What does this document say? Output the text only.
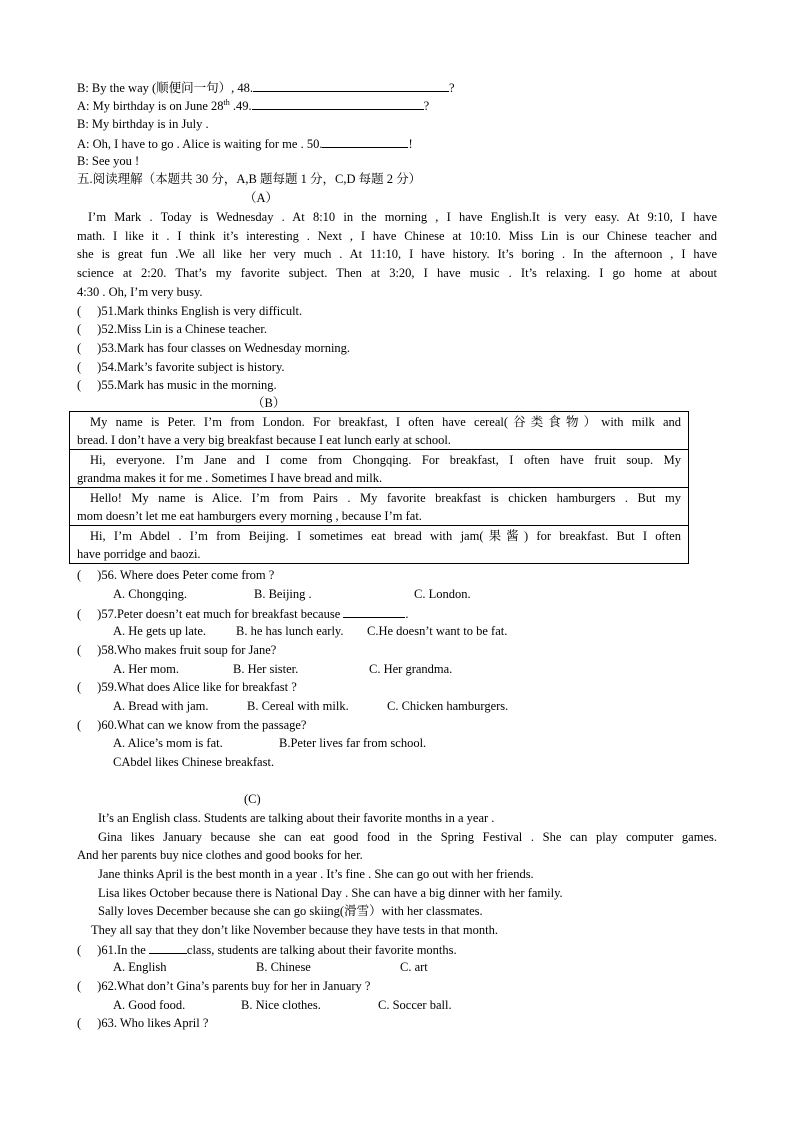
B: By the way (顺便问一句）, 48.	?
A: My birthday is on June 28th .49.	?
B: My birthday is in July .
A: Oh, I have to go . Alice is waiting for me . 50.	!
B: See you !
五.阅读理解（本题共 30 分，A,B 题每题 1 分，C,D 每题 2 分）
（A）
I’m Mark . Today is Wednesday . At 8:10 in the morning , I have English.It is very easy. At 9:10, I have
math. I like it . I think it’s interesting . Next , I have Chinese at 10:10. Miss Lin is our Chinese teacher and
she is great fun .We all like her very much . At 11:10, I have history. It’s boring . In the afternoon , I have
science at 2:20. That’s my favorite subject. Then at 3:20, I have music . It’s relaxing. I go home at about
4:30 . Oh, I’m very busy.
( )51.Mark thinks English is very difficult.
( )52.Miss Lin is a Chinese teacher.
( )53.Mark has four classes on Wednesday morning.
( )54.Mark’s favorite subject is history.
( )55.Mark has music in the morning.
（B）
My name is Peter. I’m from London. For breakfast, I often have cereal(谷类食物）with milk and
bread. I don’t have a very big breakfast because I eat lunch early at school.
Hi, everyone. I’m Jane and I come from Chongqing. For breakfast, I often have fruit soup. My
grandma makes it for me . Sometimes I have bread and milk.
Hello! My name is Alice. I’m from Pairs . My favorite breakfast is chicken hamburgers . But my
mom doesn’t let me eat hamburgers every morning , because I’m fat.
Hi, I’m Abdel . I’m from Beijing. I sometimes eat bread with jam(果酱) for breakfast. But I often
have porridge and baozi.
( )56. Where does Peter come from ?
A. Chongqing.	B. Beijing .	C. London.
( )57.Peter doesn’t eat much for breakfast because	.
A. He gets up late. B. he has lunch early. C.He doesn’t want to be fat.
( )58.Who makes fruit soup for Jane?
A. Her mom.	B. Her sister.	C. Her grandma.
( )59.What does Alice like for breakfast ?
A. Bread with jam.	B. Cereal with milk.	C. Chicken hamburgers.
( )60.What can we know from the passage?
A. Alice’s mom is fat.	B.Peter lives far from school.
CAbdel likes Chinese breakfast.
(C)
It’s an English class. Students are talking about their favorite months in a year .
Gina likes January because she can eat good food in the Spring Festival . She can play computer games.
And her parents buy nice clothes and good books for her.
Jane thinks April is the best month in a year . It’s fine . She can go out with her friends.
Lisa likes October because there is National Day . She can have a big dinner with her family.
Sally loves December because she can go skiing(滑雪）with her classmates.
They all say that they don’t like November because they have tests in that month.
( )61.In the	class, students are talking about their favorite months.
A. English	B. Chinese	C. art
( )62.What don’t Gina’s parents buy for her in January ?
A. Good food.	B. Nice clothes.	C. Soccer ball.
( )63. Who likes April ?
